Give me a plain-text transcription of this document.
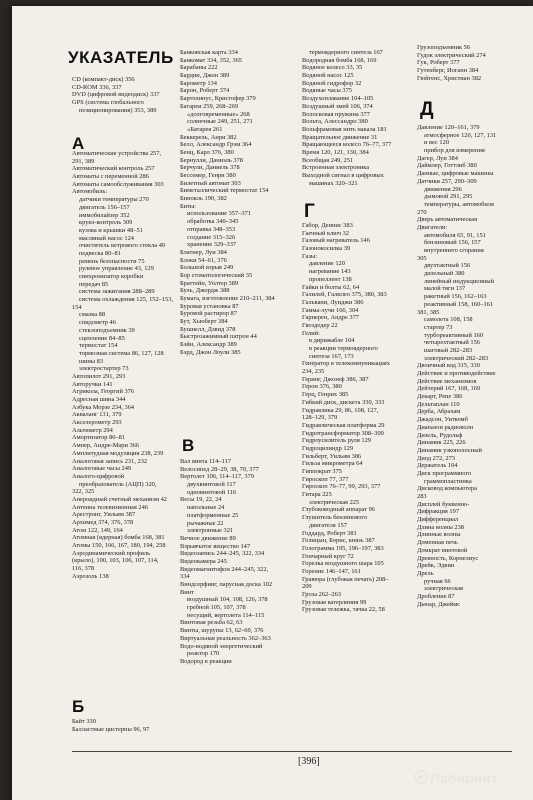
УКАЗАТЕЛЬ
CD (компакт-диск) 356
CD-ROM 336, 337
DVD (цифровой видеодиск) 337
GPS (система глобального
позиционирования) 353, 389
А
Автоматические устройства 257,
291, 389
Автоматический контроль 257
Автоматы с переменной 286
Автоматы самообслуживания 303
Автомобиль:
датчики температуры 270
двигатель 156–157
иммобилайзер 352
круиз-контроль 309
кузова и крышки 48–51
масляный насос 124
очиститель ветрового стекла 49
подвеска 80–81
ремень безопасности 75
рулевое управление 43, 129
синхронизатор коробки
передач 85
система зажигания 288–289
система охлаждения 125, 152–153,
154
смазка 88
спидометр 46
стеклоподъемник 39
сцепление 84–85
термостат 154
тормозная система 86, 127, 128
шины 83
электростартер 73
Автопилот 291, 293
Авторучки 141
Агрикола, Георгий 376
Адресная шина 344
Азбука Морзе 234, 364
Акваланг 131, 379
Акселерометр 293
Альтиметр 294
Амортизатор 80–81
Ампер, Андре-Мари 366
Амплитудная модуляция 238, 239
Аналоговая запись 231, 232
Аналоговые часы 249
Аналого-цифровой
преобразователь (АЦП) 320,
322, 325
Анероидный счетный механизм 42
Антенна телевизионная 246
Арестронг, Уильям 387
Архимед 374, 376, 378
Атом 122, 149, 164
Атомная (ядерная) бомба 168, 381
Атомы 150, 166, 167, 180, 194, 258
Аэродинамический профиль
(крыло), 100, 103, 106, 107, 114,
116, 378
Аэрозоль 138
Б
Байт 330
Балластные цистерны 96, 97
Банковская карта 334
Банкомат 334, 352, 365
Барабаны 222
Бардин, Джон 389
Барометр 134
Барон, Роберт 374
Бартолинус, Кристофер 379
Батареи 259, 268–269
«долговременные» 268
солнечные 249, 251, 271
«Батарея 261
Беккерель, Анри 382
Белл, Александр Грэм 364
Бенц, Карл 376, 380
Бернулли, Даниэль 378
Берчули, Даниель 378
Бессемер, Генри 380
Билетный автомат 303
Биметаллический термостат 154
Бинокль 190, 382
Биты:
использование 357–371
обработка 340–345
отправка 348–353
создание 315–326
хранение 329–337
Блатнер, Луи 384
Блоки 54–61, 376
Большой взрыв 249
Бор стоматологический 35
Браттейн, Уолтер 389
Буль, Джордж 388
Бумага, изготовление 210–211, 384
Буровая установка 87
Буровой растирор 87
Бут, Хьюберт 384
Бушнелл, Дэвид 378
Быстрозажимный патрон 44
Бэйн, Александр 389
Бэрд, Джон Лоули 385
В
Вал винта 114–117
Велосипед 28–29, 38, 70, 377
Вертолет 106, 114–117, 379
двухвинтовой 117
одновинтовой 116
Весы 19, 22, 24
напольные 24
платформенные 25
рычажные 22
электронные 321
Вечное движение 89
Взрывчатое вещество 147
Видеозапись 244–245, 322, 334
Видеокамера 245
Видеомагнитофон 244–245, 322,
334
Виндсерфинг, парусная доска 102
Винт
воздушный 104, 108, 126, 378
гребной 105, 107, 378
несущий, вертолета 114–115
Винтовая резьба 62, 63
Винты, шурупы 13, 62–69, 376
Виртуальная реальность 362–363
Водо-водяной энергетический
реактор 170
Водород в реакции
термоядерного синтеза 167
Водородная бомба 168, 169
Водяное колесо 33, 35
Водяной насос 125
Водяной гидрофор 32
Водяные часы 375
Воздухоплавание 104–105
Воздушный змей 106, 374
Волосковая пружина 377
Вольта, Алессандро 380
Вольфрамовая нить накала 181
Вращательное движение 31
Вращающееся колесо 76–77, 377
Время 120, 121, 130, 384
Всеобщая 249, 251
Встроенная электроника
Выходной сигнал в цифровых
машинах 320–321
Г
Габор, Деннис 383
Гаечный ключ 32
Газовый нагреватель 146
Газонокосилка 39
Газы:
давление 120
нагревание 143
пропеллент 138
Гайки и болты 62, 64
Галилей, Галилео 375, 380, 383
Гальвани, Луиджи 386
Гамма-лучи 166, 304
Гарнерен, Андре 377
Гвоздодер 22
Гелий:
в дирижабле 104
в реакции термоядерного
синтеза 167, 173
Генератор в телекоммуникациях
234, 235
Геринг, Джозеф 386, 387
Герон 376, 380
Герц, Генрих 385
Гибкий диск, дискета 330, 333
Гидравлика 29, 86, 108, 127,
128–129, 379
Гидравлическая платформа 29
Гидротрансформатор 308–309
Гидроусилитель руля 129
Гидроцилиндр 129
Гильберт, Уильям 386
Гильза микрометра 64
Гиппократ 375
Гироскоп 77, 377
Гироскоп 76–77, 99, 293, 377
Гитара 225
электрическая 225
Глубоководный аппарат 96
Глушитель бензинового
двигателя 157
Годдард, Роберт 381
Голицын, Борис, князь 387
Голограмма 195, 196–197, 383
Гончарный круг 72
Горелка воздушного шара 105
Горение 146–147, 161
Гравюра (глубокая печать) 208–
209
Гроза 262–263
Грузовая ватерлиния 99
Грузовая тележка, тачка 22, 58
Грузоподъемник 56
Гудок электрический 274
Гук, Роберт 377
Гутенберг, Иоганн 384
Гюйгенс, Христиан 382
Д
Давление 120–161, 379
атмосферное 120, 127, 131
и вес 120
прибор для измерения
Дагер, Луи 384
Даймлер, Готтлиб 380
Данные, цифровые машины
Датчики 257, 290–309
движения 296
дымовой 291, 295
температуры, автомобиля
270
Дверь автоматическая
Двигатели:
автомобиля 65, 91, 151
бензиновый 156, 157
внутреннего сгорания
305
двухтактный 156
дизельный 380
линейный индукционный
малой тяги 137
ракетный 156, 162–163
реактивный 158, 160–161
381, 385
самолета 108, 158
стартер 73
турбореактивный 160
четырехтактный 156
шаговый 282–283
электрический 282–283
Двоичный код 315, 330
Действие и противодействие
Действие механизмов
Дейтерий 167, 168, 169
Декарт, Рене 386
Дельтаплан 110
Дерба, Абрахам
Джадсон, Уиткомб
Диапазон радиоволн
Дизель, Рудольф
Динамик 225, 226
Динамик узкополосный
Диод 272, 273
Держатель 104
Диск программного
граммопластинка
Дисковод компьютера
283
Дисплей буквенно-
Дифракция 197
Дифференциал
Длина волны 238
Длинные волны
Доменная печь
Домкрат винтовой
Древность, Корнелиус
Дрейк, Эдвин
Дрель
ручная 66
электрическая
Дробление 87
Дьюар, Джеймс
[396]
Лабиринт
